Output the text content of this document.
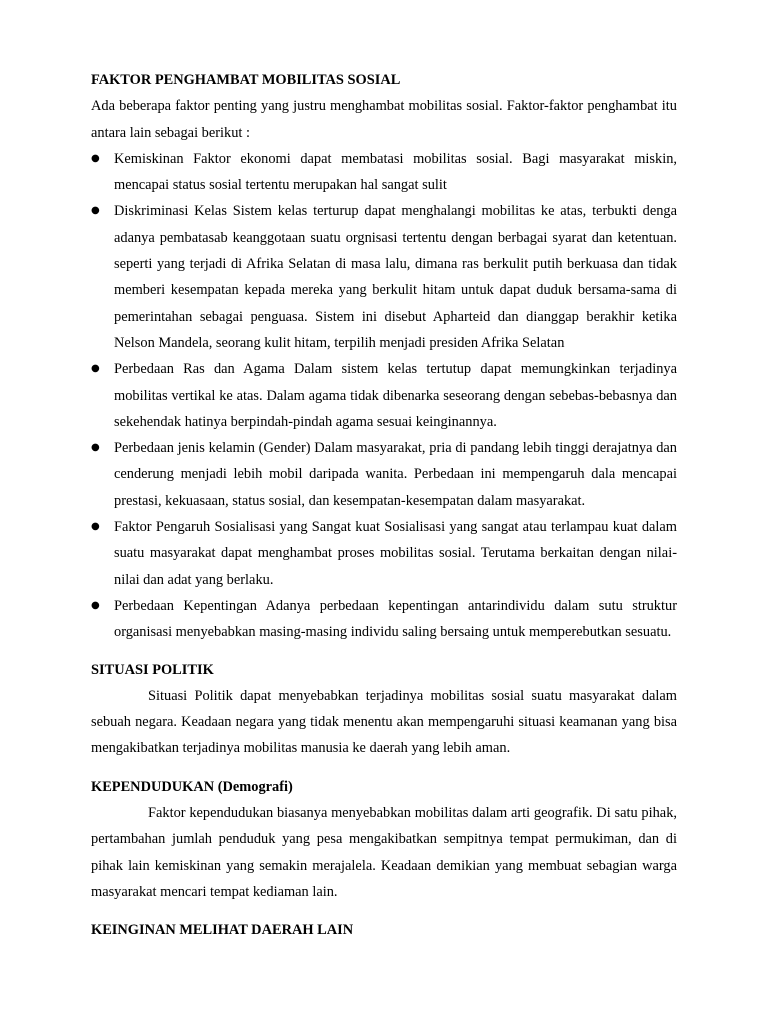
FAKTOR PENGHAMBAT MOBILITAS SOSIAL

Ada beberapa faktor penting yang justru menghambat mobilitas sosial. Faktor-faktor penghambat itu antara lain sebagai berikut :

● Kemiskinan Faktor ekonomi dapat membatasi mobilitas sosial. Bagi masyarakat miskin, mencapai status sosial tertentu merupakan hal sangat sulit
● Diskriminasi Kelas Sistem kelas terturup dapat menghalangi mobilitas ke atas, terbukti denga adanya pembatasab keanggotaan suatu orgnisasi tertentu dengan berbagai syarat dan ketentuan. seperti yang terjadi di Afrika Selatan di masa lalu, dimana ras berkulit putih berkuasa dan tidak memberi kesempatan kepada mereka yang berkulit hitam untuk dapat duduk bersama-sama di pemerintahan sebagai penguasa. Sistem ini disebut Apharteid dan dianggap berakhir ketika Nelson Mandela, seorang kulit hitam, terpilih menjadi presiden Afrika Selatan
● Perbedaan Ras dan Agama Dalam sistem kelas tertutup dapat memungkinkan terjadinya mobilitas vertikal ke atas. Dalam agama tidak dibenarka seseorang dengan sebebas-bebasnya dan sekehendak hatinya berpindah-pindah agama sesuai keinginannya.
● Perbedaan jenis kelamin (Gender) Dalam masyarakat, pria di pandang lebih tinggi derajatnya dan cenderung menjadi lebih mobil daripada wanita. Perbedaan ini mempengaruh dala mencapai prestasi, kekuasaan, status sosial, dan kesempatan-kesempatan dalam masyarakat.
● Faktor Pengaruh Sosialisasi yang Sangat kuat Sosialisasi yang sangat atau terlampau kuat dalam suatu masyarakat dapat menghambat proses mobilitas sosial. Terutama berkaitan dengan nilai-nilai dan adat yang berlaku.
● Perbedaan Kepentingan Adanya perbedaan kepentingan antarindividu dalam sutu struktur organisasi menyebabkan masing-masing individu saling bersaing untuk memperebutkan sesuatu.
SITUASI POLITIK

Situasi Politik dapat menyebabkan terjadinya mobilitas sosial suatu masyarakat dalam sebuah negara. Keadaan negara yang tidak menentu akan mempengaruhi situasi keamanan yang bisa mengakibatkan terjadinya mobilitas manusia ke daerah yang lebih aman.

KEPENDUDUKAN (Demografi)

Faktor kependudukan biasanya menyebabkan mobilitas dalam arti geografik. Di satu pihak, pertambahan jumlah penduduk yang pesa mengakibatkan sempitnya tempat permukiman, dan di pihak lain kemiskinan yang semakin merajalela. Keadaan demikian yang membuat sebagian warga masyarakat mencari tempat kediaman lain.

KEINGINAN MELIHAT DAERAH LAIN
